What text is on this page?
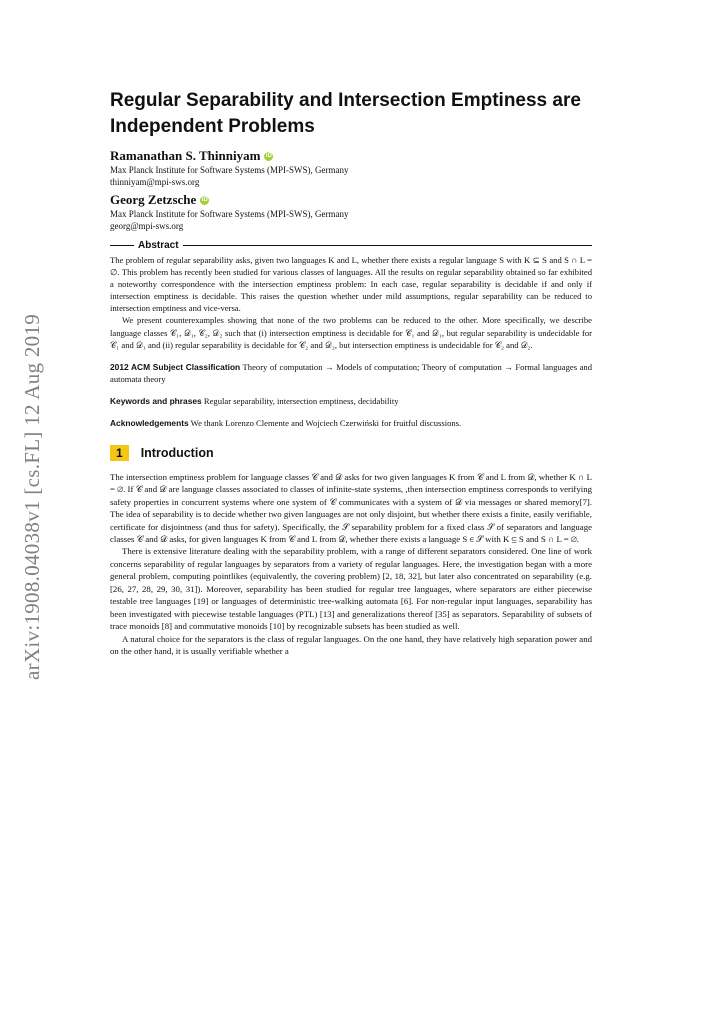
arXiv:1908.04038v1 [cs.FL] 12 Aug 2019
Regular Separability and Intersection Emptiness are Independent Problems
Ramanathan S. Thinniyam iD
Max Planck Institute for Software Systems (MPI-SWS), Germany
thinniyam@mpi-sws.org
Georg Zetzsche iD
Max Planck Institute for Software Systems (MPI-SWS), Germany
georg@mpi-sws.org
Abstract

The problem of regular separability asks, given two languages K and L, whether there exists a regular language S with K ⊆ S and S ∩ L = ∅. This problem has recently been studied for various classes of languages. All the results on regular separability obtained so far exhibited a noteworthy correspondence with the intersection emptiness problem: In each case, regular separability is decidable if and only if intersection emptiness is decidable. This raises the question whether under mild assumptions, regular separability can be reduced to intersection emptiness and vice-versa.

We present counterexamples showing that none of the two problems can be reduced to the other. More specifically, we describe language classes 𝒞₁, 𝒟₁, 𝒞₂, 𝒟₂ such that (i) intersection emptiness is decidable for 𝒞₁ and 𝒟₁, but regular separability is undecidable for 𝒞₁ and 𝒟₁ and (ii) regular separability is decidable for 𝒞₂ and 𝒟₂, but intersection emptiness is undecidable for 𝒞₂ and 𝒟₂.

2012 ACM Subject Classification Theory of computation → Models of computation; Theory of computation → Formal languages and automata theory
Keywords and phrases Regular separability, intersection emptiness, decidability
Acknowledgements We thank Lorenzo Clemente and Wojciech Czerwiński for fruitful discussions.
1	Introduction

The intersection emptiness problem for language classes 𝒞 and 𝒟 asks for two given languages K from 𝒞 and L from 𝒟, whether K ∩ L = ∅. If 𝒞 and 𝒟 are language classes associated to classes of infinite-state systems, ,then intersection emptiness corresponds to verifying safety properties in concurrent systems where one system of 𝒞 communicates with a system of 𝒟 via messages or shared memory[7]. The idea of separability is to decide whether two given languages are not only disjoint, but whether there exists a finite, easily verifiable, certificate for disjointness (and thus for safety). Specifically, the 𝒮 separability problem for a fixed class 𝒮 of separators and language classes 𝒞 and 𝒟 asks, for given languages K from 𝒞 and L from 𝒟, whether there exists a language S ∈ 𝒮 with K ⊆ S and S ∩ L = ∅.

There is extensive literature dealing with the separability problem, with a range of different separators considered. One line of work concerns separability of regular languages by separators from a variety of regular languages. Here, the investigation began with a more general problem, computing pointlikes (equivalently, the covering problem) [2, 18, 32], but later also concentrated on separability (e.g. [26, 27, 28, 29, 30, 31]). Moreover, separability has been studied for regular tree languages, where separators are either piecewise testable tree languages [19] or languages of deterministic tree-walking automata [6]. For non-regular input languages, separability has been investigated with piecewise testable languages (PTL) [13] and generalizations thereof [35] as separators. Separability of subsets of trace monoids [8] and commutative monoids [10] by recognizable subsets has been studied as well.

A natural choice for the separators is the class of regular languages. On the one hand, they have relatively high separation power and on the other hand, it is usually verifiable whether a
